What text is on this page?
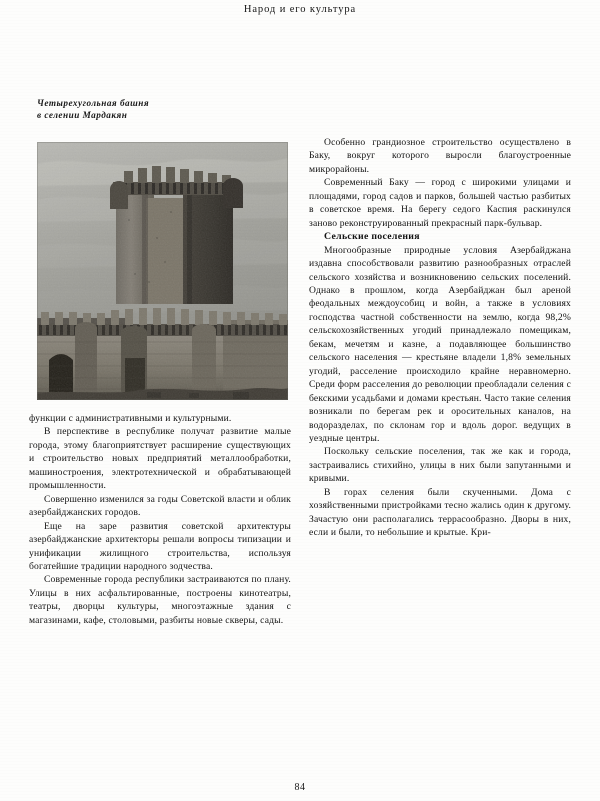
Народ и его культура
Четырехугольная башня
в селении Мардакян

функции с административными и культурными.

В перспективе в республике получат развитие малые города, этому благоприятствует расширение существующих и строительство новых предприятий металлообработки, машиностроения, электротехнической и обрабатывающей промышленности.

Совершенно изменился за годы Советской власти и облик азербайджанских городов.

Еще на заре развития советской архитектуры азербайджанские архитекторы решали вопросы типизации и унификации жилищного строительства, используя богатейшие традиции народного зодчества.

Современные города республики застраиваются по плану. Улицы в них асфальтированные, построены кинотеатры, театры, дворцы культуры, многоэтажные здания с магазинами, кафе, столовыми, разбиты новые скверы, сады.

Особенно грандиозное строительство осуществлено в Баку, вокруг которого выросли благоустроенные микрорайоны.

Современный Баку — город с широкими улицами и площадями, город садов и парков, большей частью разбитых в советское время. На берегу седого Каспия раскинулся заново реконструированный прекрасный парк-бульвар.

Сельские поселения

Многообразные природные условия Азербайджана издавна способствовали развитию разнообразных отраслей сельского хозяйства и возникновению сельских поселений. Однако в прошлом, когда Азербайджан был ареной феодальных междоусобиц и войн, а также в условиях господства частной собственности на землю, когда 98,2% сельскохозяйственных угодий принадлежало помещикам, бекам, мечетям и казне, а подавляющее большинство сельского населения — крестьяне владели 1,8% земельных угодий, расселение происходило крайне неравномерно. Среди форм расселения до революции преобладали селения с бекскими усадьбами и домами крестьян. Часто такие селения возникали по берегам рек и оросительных каналов, на водоразделах, по склонам гор и вдоль дорог. ведущих в уездные центры.

Поскольку сельские поселения, так же как и города, застраивались стихийно, улицы в них были запутанными и кривыми.

В горах селения были скученными. Дома с хозяйственными пристройками тесно жались один к другому. Зачастую они располагались террасообразно. Дворы в них, если и были, то небольшие и крытые. Кри-

84
